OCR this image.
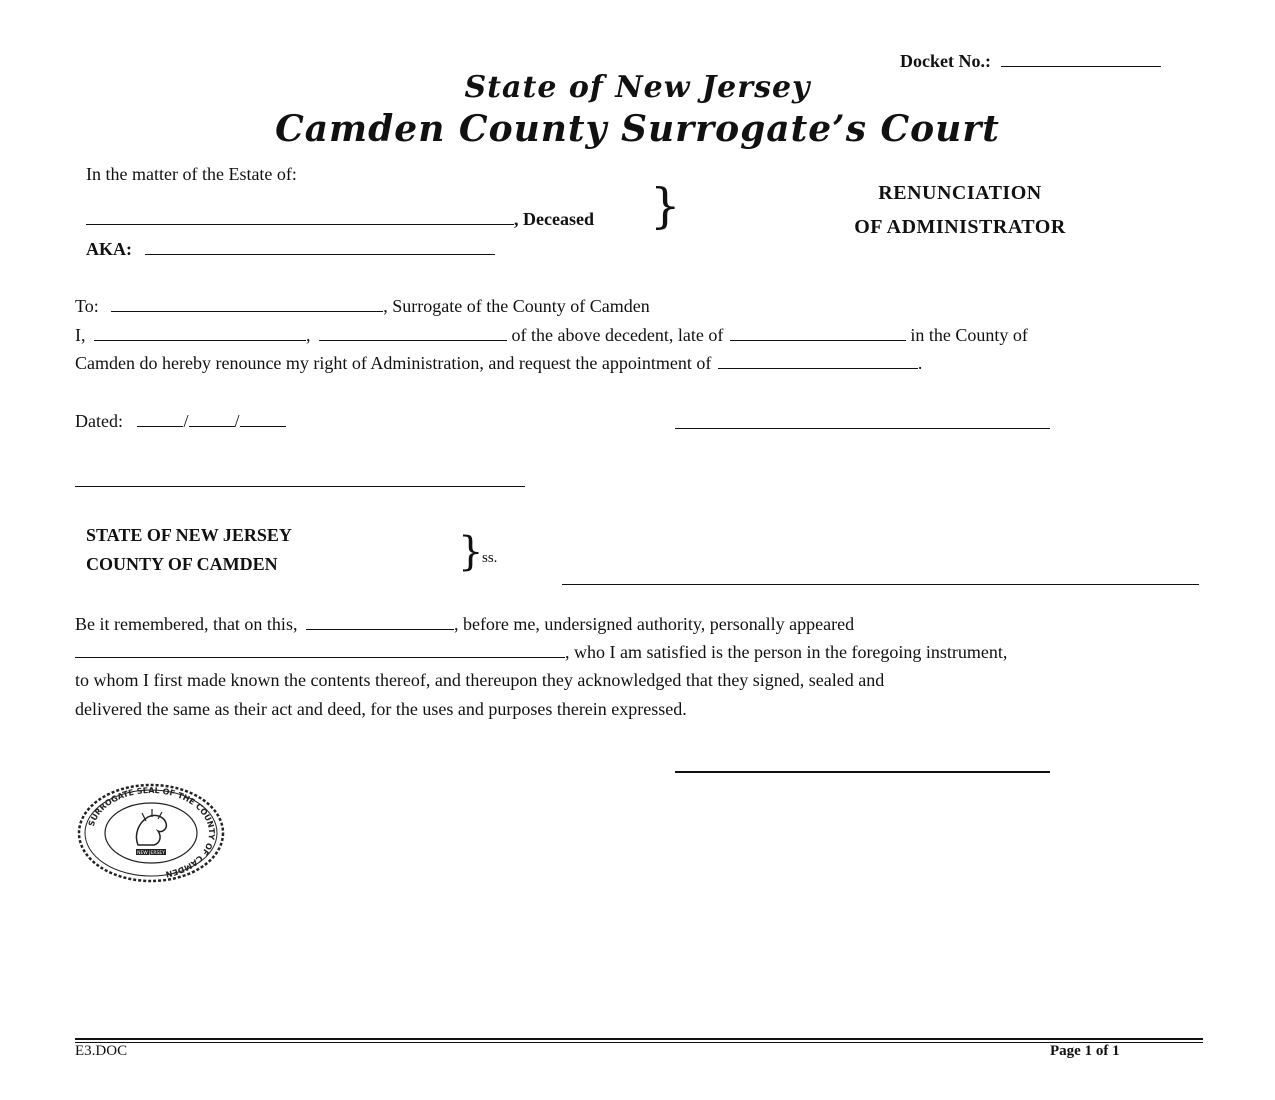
Docket No.:
State of New Jersey
Camden County Surrogate’s Court
In the matter of the Estate of:
, Deceased
AKA:
}	RENUNCIATION
OF ADMINISTRATOR
To:	, Surrogate of the County of Camden
I,	,	of the above decedent, late of	in the County of
Camden do hereby renounce my right of Administration, and request the appointment of	.
Dated:	/	/
STATE OF NEW JERSEY
COUNTY OF CAMDEN	}
ss.
Be it remembered, that on this,	, before me, undersigned authority, personally appeared
, who I am satisfied is the person in the foregoing instrument,
to whom I first made known the contents thereof, and thereupon they acknowledged that they signed, sealed and
delivered the same as their act and deed, for the uses and purposes therein expressed.
SURROGATE SEAL OF THE COUNTY OF CAMDEN
NEW JERSEY
E3.DOC	Page 1 of 1
